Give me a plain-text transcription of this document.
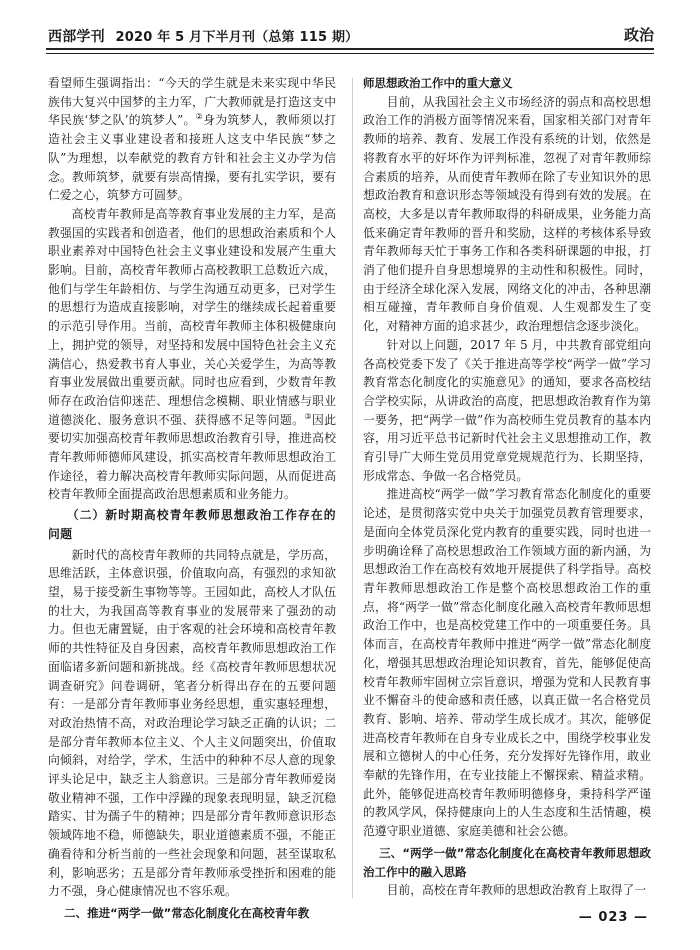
西部学刊 2020 年 5 月下半月刊（总第 115 期）	政治

看望师生强调指出：“今天的学生就是未来实现中华民族伟大复兴中国梦的主力军，广大教师就是打造这支中华民族‘梦之队’的筑梦人”。②身为筑梦人，教师须以打造社会主义事业建设者和接班人这支中华民族“梦之队”为理想，以奉献党的教育方针和社会主义办学为信念。教师筑梦，就要有崇高情操，要有扎实学识，要有仁爱之心，筑梦方可圆梦。

高校青年教师是高等教育事业发展的主力军，是高教强国的实践者和创造者，他们的思想政治素质和个人职业素养对中国特色社会主义事业建设和发展产生重大影响。目前，高校青年教师占高校教职工总数近六成，他们与学生年龄相仿、与学生沟通互动更多，已对学生的思想行为造成直接影响，对学生的继续成长起着重要的示范引导作用。当前，高校青年教师主体积极健康向上，拥护党的领导，对坚持和发展中国特色社会主义充满信心，热爱教书育人事业，关心关爱学生，为高等教育事业发展做出重要贡献。同时也应看到，少数青年教师存在政治信仰迷茫、理想信念模糊、职业情感与职业道德淡化、服务意识不强、获得感不足等问题。③因此要切实加强高校青年教师思想政治教育引导，推进高校青年教师师德师风建设，抓实高校青年教师思想政治工作途径，着力解决高校青年教师实际问题，从而促进高校青年教师全面提高政治思想素质和业务能力。

（二）新时期高校青年教师思想政治工作存在的问题

新时代的高校青年教师的共同特点就是，学历高，思维活跃，主体意识强，价值取向高，有强烈的求知欲望，易于接受新生事物等等。王园如此，高校人才队伍的壮大，为我国高等教育事业的发展带来了强劲的动力。但也无庸置疑，由于客观的社会环境和高校青年教师的共性特征及自身因素，高校青年教师思想政治工作面临诸多新问题和新挑战。经《高校青年教师思想状况调查研究》问卷调研，笔者分析得出存在的五要问题有：一是部分青年教师事业务经思想，重实惠轻理想，对政治热情不高，对政治理论学习缺乏正确的认识；二是部分青年教师本位主义、个人主义问题突出，价值取向倾斜，对给学，学术，生活中的种种不尽人意的现象评头论足中，缺乏主人翁意识。三是部分青年教师爱岗敬业精神不强，工作中浮躁的现象表现明显，缺乏沉稳踏实、甘为孺子牛的精神；四是部分青年教师意识形态领域阵地不稳，师德缺失，职业道德素质不强，不能正确看待和分析当前的一些社会现象和问题，甚至谋取私利，影响恶劣；五是部分青年教师承受挫折和困难的能力不强，身心健康情况也不容乐观。

二、推进“两学一做”常态化制度化在高校青年教
师思想政治工作中的重大意义

目前，从我国社会主义市场经济的弱点和高校思想政治工作的消极方面等情况来看，国家相关部门对青年教师的培养、教育、发展工作没有系统的计划，依然是将教育水平的好坏作为评判标准，忽视了对青年教师综合素质的培养，从而使青年教师在除了专业知识外的思想政治教育和意识形态等领域没有得到有效的发展。在高校，大多是以青年教师取得的科研成果，业务能力高低来确定青年教师的晋升和奖励，这样的考核体系导致青年教师每天忙于事务工作和各类科研课题的申报，打消了他们提升自身思想境界的主动性和积极性。同时，由于经济全球化深入发展，网络文化的冲击，各种思潮相互碰撞，青年教师自身价值观、人生观都发生了变化，对精神方面的追求甚少，政治理想信念逐步淡化。

针对以上问题，2017 年 5 月，中共教育部党组向各高校党委下发了《关于推进高等学校“两学一做”学习教育常态化制度化的实施意见》的通知，要求各高校结合学校实际，从讲政治的高度，把思想政治教育作为第一要务，把“两学一做”作为高校师生党员教育的基本内容，用习近平总书记新时代社会主义思想推动工作，教育引导广大师生党员用党章党规规范行为、长期坚持，形成常态、争做一名合格党员。

推进高校“两学一做”学习教育常态化制度化的重要论述，是贯彻落实党中央关于加强党员教育管理要求，是面向全体党员深化党内教育的重要实践，同时也进一步明确诠释了高校思想政治工作领域方面的新内涵，为思想政治工作在高校有效地开展提供了科学指导。高校青年教师思想政治工作是整个高校思想政治工作的重点，将“两学一做”常态化制度化融入高校青年教师思想政治工作中，也是高校党建工作中的一项重要任务。具体而言，在高校青年教师中推进“两学一做”常态化制度化，增强其思想政治理论知识教育，首先，能够促使高校青年教师牢固树立宗旨意识，增强为党和人民教育事业不懈奋斗的使命感和责任感，以真正做一名合格党员教育、影响、培养、带动学生成长成才。其次，能够促进高校青年教师在自身专业成长之中，围绕学校事业发展和立德树人的中心任务，充分发挥好先锋作用，敢业奉献的先锋作用，在专业技能上不懈探索、精益求精。此外，能够促进高校青年教师明德修身，秉持科学严谨的教风学风，保持健康向上的人生态度和生活情趣，模范遵守职业道德、家庭美德和社会公德。

三、“两学一做”常态化制度化在高校青年教师思想政治工作中的融入思路

目前，高校在青年教师的思想政治教育上取得了一

— 023 —
